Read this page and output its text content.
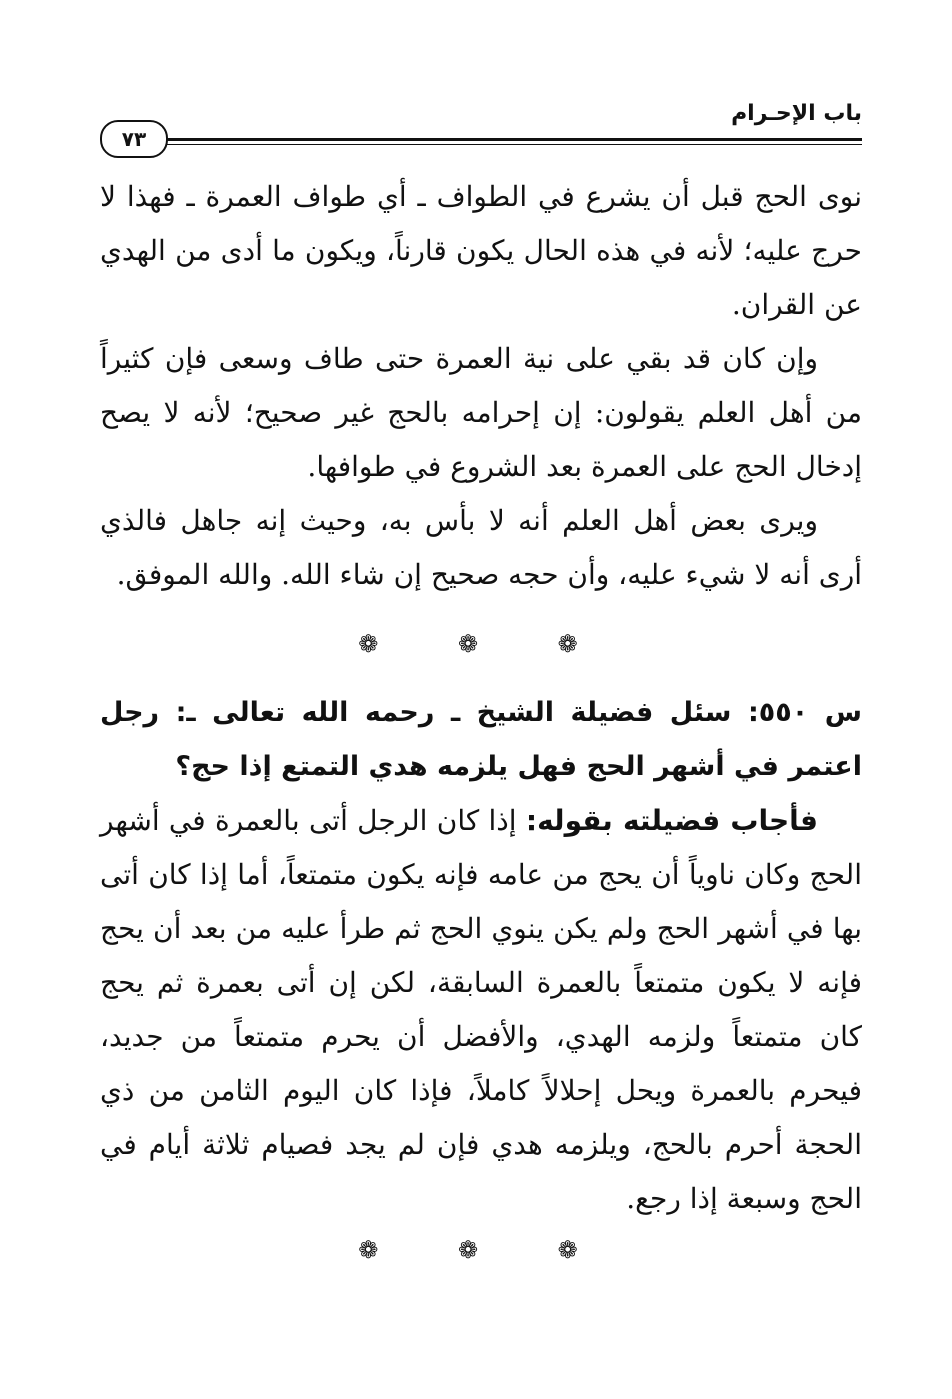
باب الإحـرام
٧٣

نوى الحج قبل أن يشرع في الطواف ـ أي طواف العمرة ـ فهذا لا حرج عليه؛ لأنه في هذه الحال يكون قارناً، ويكون ما أدى من الهدي عن القران.

وإن كان قد بقي على نية العمرة حتى طاف وسعى فإن كثيراً من أهل العلم يقولون: إن إحرامه بالحج غير صحيح؛ لأنه لا يصح إدخال الحج على العمرة بعد الشروع في طوافها.

ويرى بعض أهل العلم أنه لا بأس به، وحيث إنه جاهل فالذي أرى أنه لا شيء عليه، وأن حجه صحيح إن شاء الله. والله الموفق.

❁ ❁ ❁

س ٥٥٠: سئل فضيلة الشيخ ـ رحمه الله تعالى ـ: رجل اعتمر في أشهر الحج فهل يلزمه هدي التمتع إذا حج؟

فأجاب فضيلته بقوله: إذا كان الرجل أتى بالعمرة في أشهر الحج وكان ناوياً أن يحج من عامه فإنه يكون متمتعاً، أما إذا كان أتى بها في أشهر الحج ولم يكن ينوي الحج ثم طرأ عليه من بعد أن يحج فإنه لا يكون متمتعاً بالعمرة السابقة، لكن إن أتى بعمرة ثم يحج كان متمتعاً ولزمه الهدي، والأفضل أن يحرم متمتعاً من جديد، فيحرم بالعمرة ويحل إحلالاً كاملاً، فإذا كان اليوم الثامن من ذي الحجة أحرم بالحج، ويلزمه هدي فإن لم يجد فصيام ثلاثة أيام في الحج وسبعة إذا رجع.

❁ ❁ ❁
